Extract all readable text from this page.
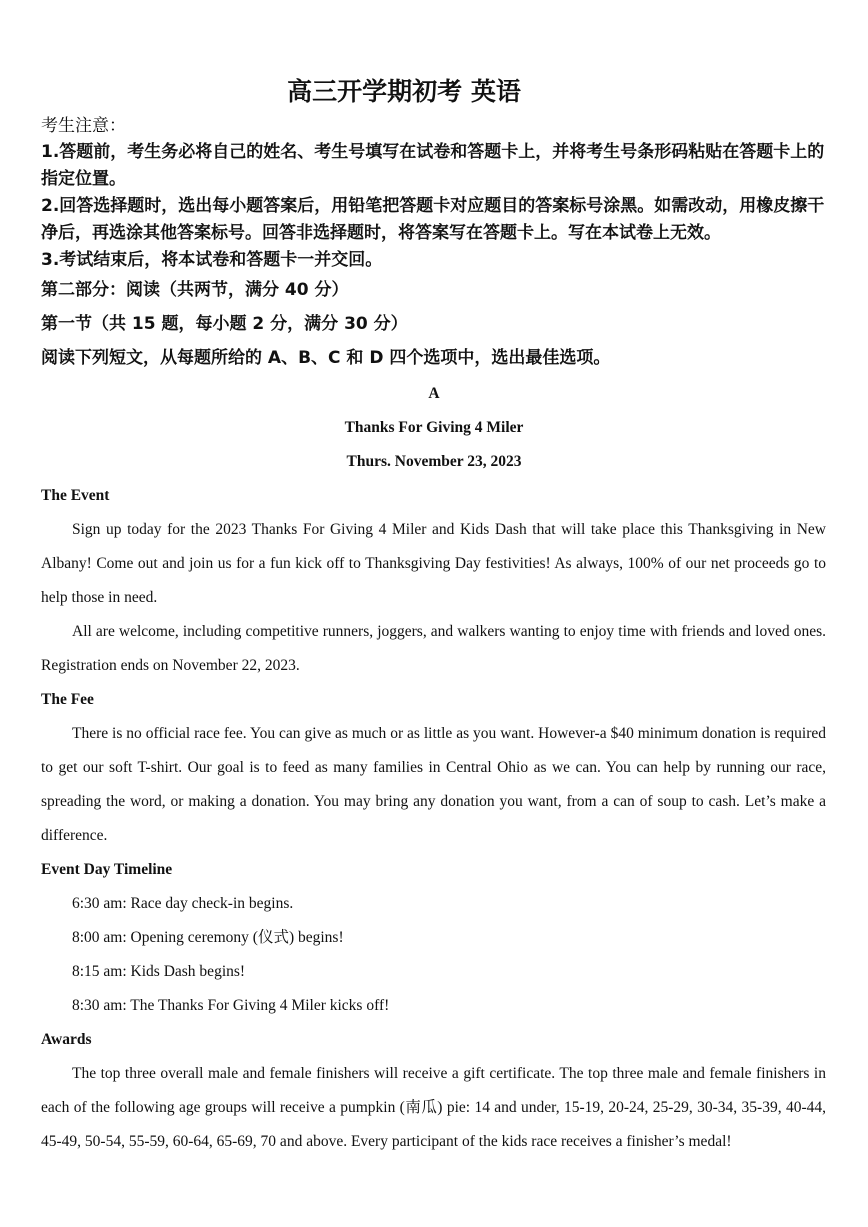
高三开学期初考 英语
考生注意：
1.答题前，考生务必将自己的姓名、考生号填写在试卷和答题卡上，并将考生号条形码粘贴在答题卡上的指定位置。
2.回答选择题时，选出每小题答案后，用铅笔把答题卡对应题目的答案标号涂黑。如需改动，用橡皮擦干净后，再选涂其他答案标号。回答非选择题时，将答案写在答题卡上。写在本试卷上无效。
3.考试结束后，将本试卷和答题卡一并交回。
第二部分：阅读（共两节，满分 40 分）
第一节（共 15 题，每小题 2 分，满分 30 分）
阅读下列短文，从每题所给的 A、B、C 和 D 四个选项中，选出最佳选项。
A
Thanks For Giving 4 Miler
Thurs. November 23, 2023
The Event
Sign up today for the 2023 Thanks For Giving 4 Miler and Kids Dash that will take place this Thanksgiving in New Albany! Come out and join us for a fun kick off to Thanksgiving Day festivities! As always, 100% of our net proceeds go to help those in need.
All are welcome, including competitive runners, joggers, and walkers wanting to enjoy time with friends and loved ones. Registration ends on November 22, 2023.
The Fee
There is no official race fee. You can give as much or as little as you want. However-a $40 minimum donation is required to get our soft T-shirt. Our goal is to feed as many families in Central Ohio as we can. You can help by running our race, spreading the word, or making a donation. You may bring any donation you want, from a can of soup to cash. Let’s make a difference.
Event Day Timeline
6:30 am: Race day check-in begins.
8:00 am: Opening ceremony (仪式) begins!
8:15 am: Kids Dash begins!
8:30 am: The Thanks For Giving 4 Miler kicks off!
Awards
The top three overall male and female finishers will receive a gift certificate. The top three male and female finishers in each of the following age groups will receive a pumpkin (南瓜) pie: 14 and under, 15-19, 20-24, 25-29, 30-34, 35-39, 40-44, 45-49, 50-54, 55-59, 60-64, 65-69, 70 and above. Every participant of the kids race receives a finisher’s medal!
